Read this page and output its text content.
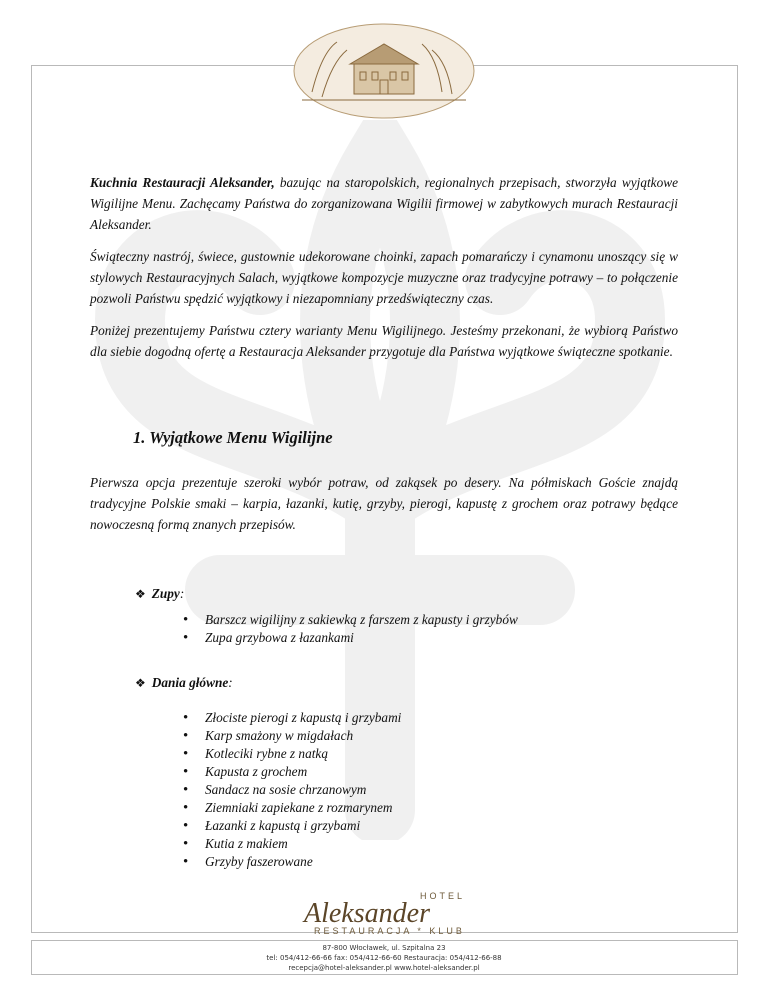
Kuchnia Restauracji Aleksander, bazując na staropolskich, regionalnych przepisach, stworzyła wyjątkowe Wigilijne Menu. Zachęcamy Państwa do zorganizowana Wigilii firmowej w zabytkowych murach Restauracji Aleksander.

Świąteczny nastrój, świece, gustownie udekorowane choinki, zapach pomarańczy i cynamonu unoszący się w stylowych Restauracyjnych Salach, wyjątkowe kompozycje muzyczne oraz tradycyjne potrawy – to połączenie pozwoli Państwu spędzić wyjątkowy i niezapomniany przedświąteczny czas.

Poniżej prezentujemy Państwu cztery warianty Menu Wigilijnego. Jesteśmy przekonani, że wybiorą Państwo dla siebie dogodną ofertę a Restauracja Aleksander przygotuje dla Państwa wyjątkowe świąteczne spotkanie.

1. Wyjątkowe Menu Wigilijne

Pierwsza opcja prezentuje szeroki wybór potraw, od zakąsek po desery. Na półmiskach Goście znajdą tradycyjne Polskie smaki – karpia, łazanki, kutię, grzyby, pierogi, kapustę z grochem oraz potrawy będące nowoczesną formą znanych przepisów.

❖ Zupy:
• Barszcz wigilijny z sakiewką z farszem z kapusty i grzybów
• Zupa grzybowa z łazankami
❖ Dania główne:
• Złociste pierogi z kapustą i grzybami
• Karp smażony w migdałach
• Kotleciki rybne z natką
• Kapusta z grochem
• Sandacz na sosie chrzanowym
• Ziemniaki zapiekane z rozmarynem
• Łazanki z kapustą i grzybami
• Kutia z makiem
• Grzyby faszerowane
HOTEL
Aleksander
RESTAURACJA * KLUB
87-800 Włocławek, ul. Szpitalna 23
tel: 054/412-66-66 fax: 054/412-66-60 Restauracja: 054/412-66-88
recepcja@hotel-aleksander.pl www.hotel-aleksander.pl
